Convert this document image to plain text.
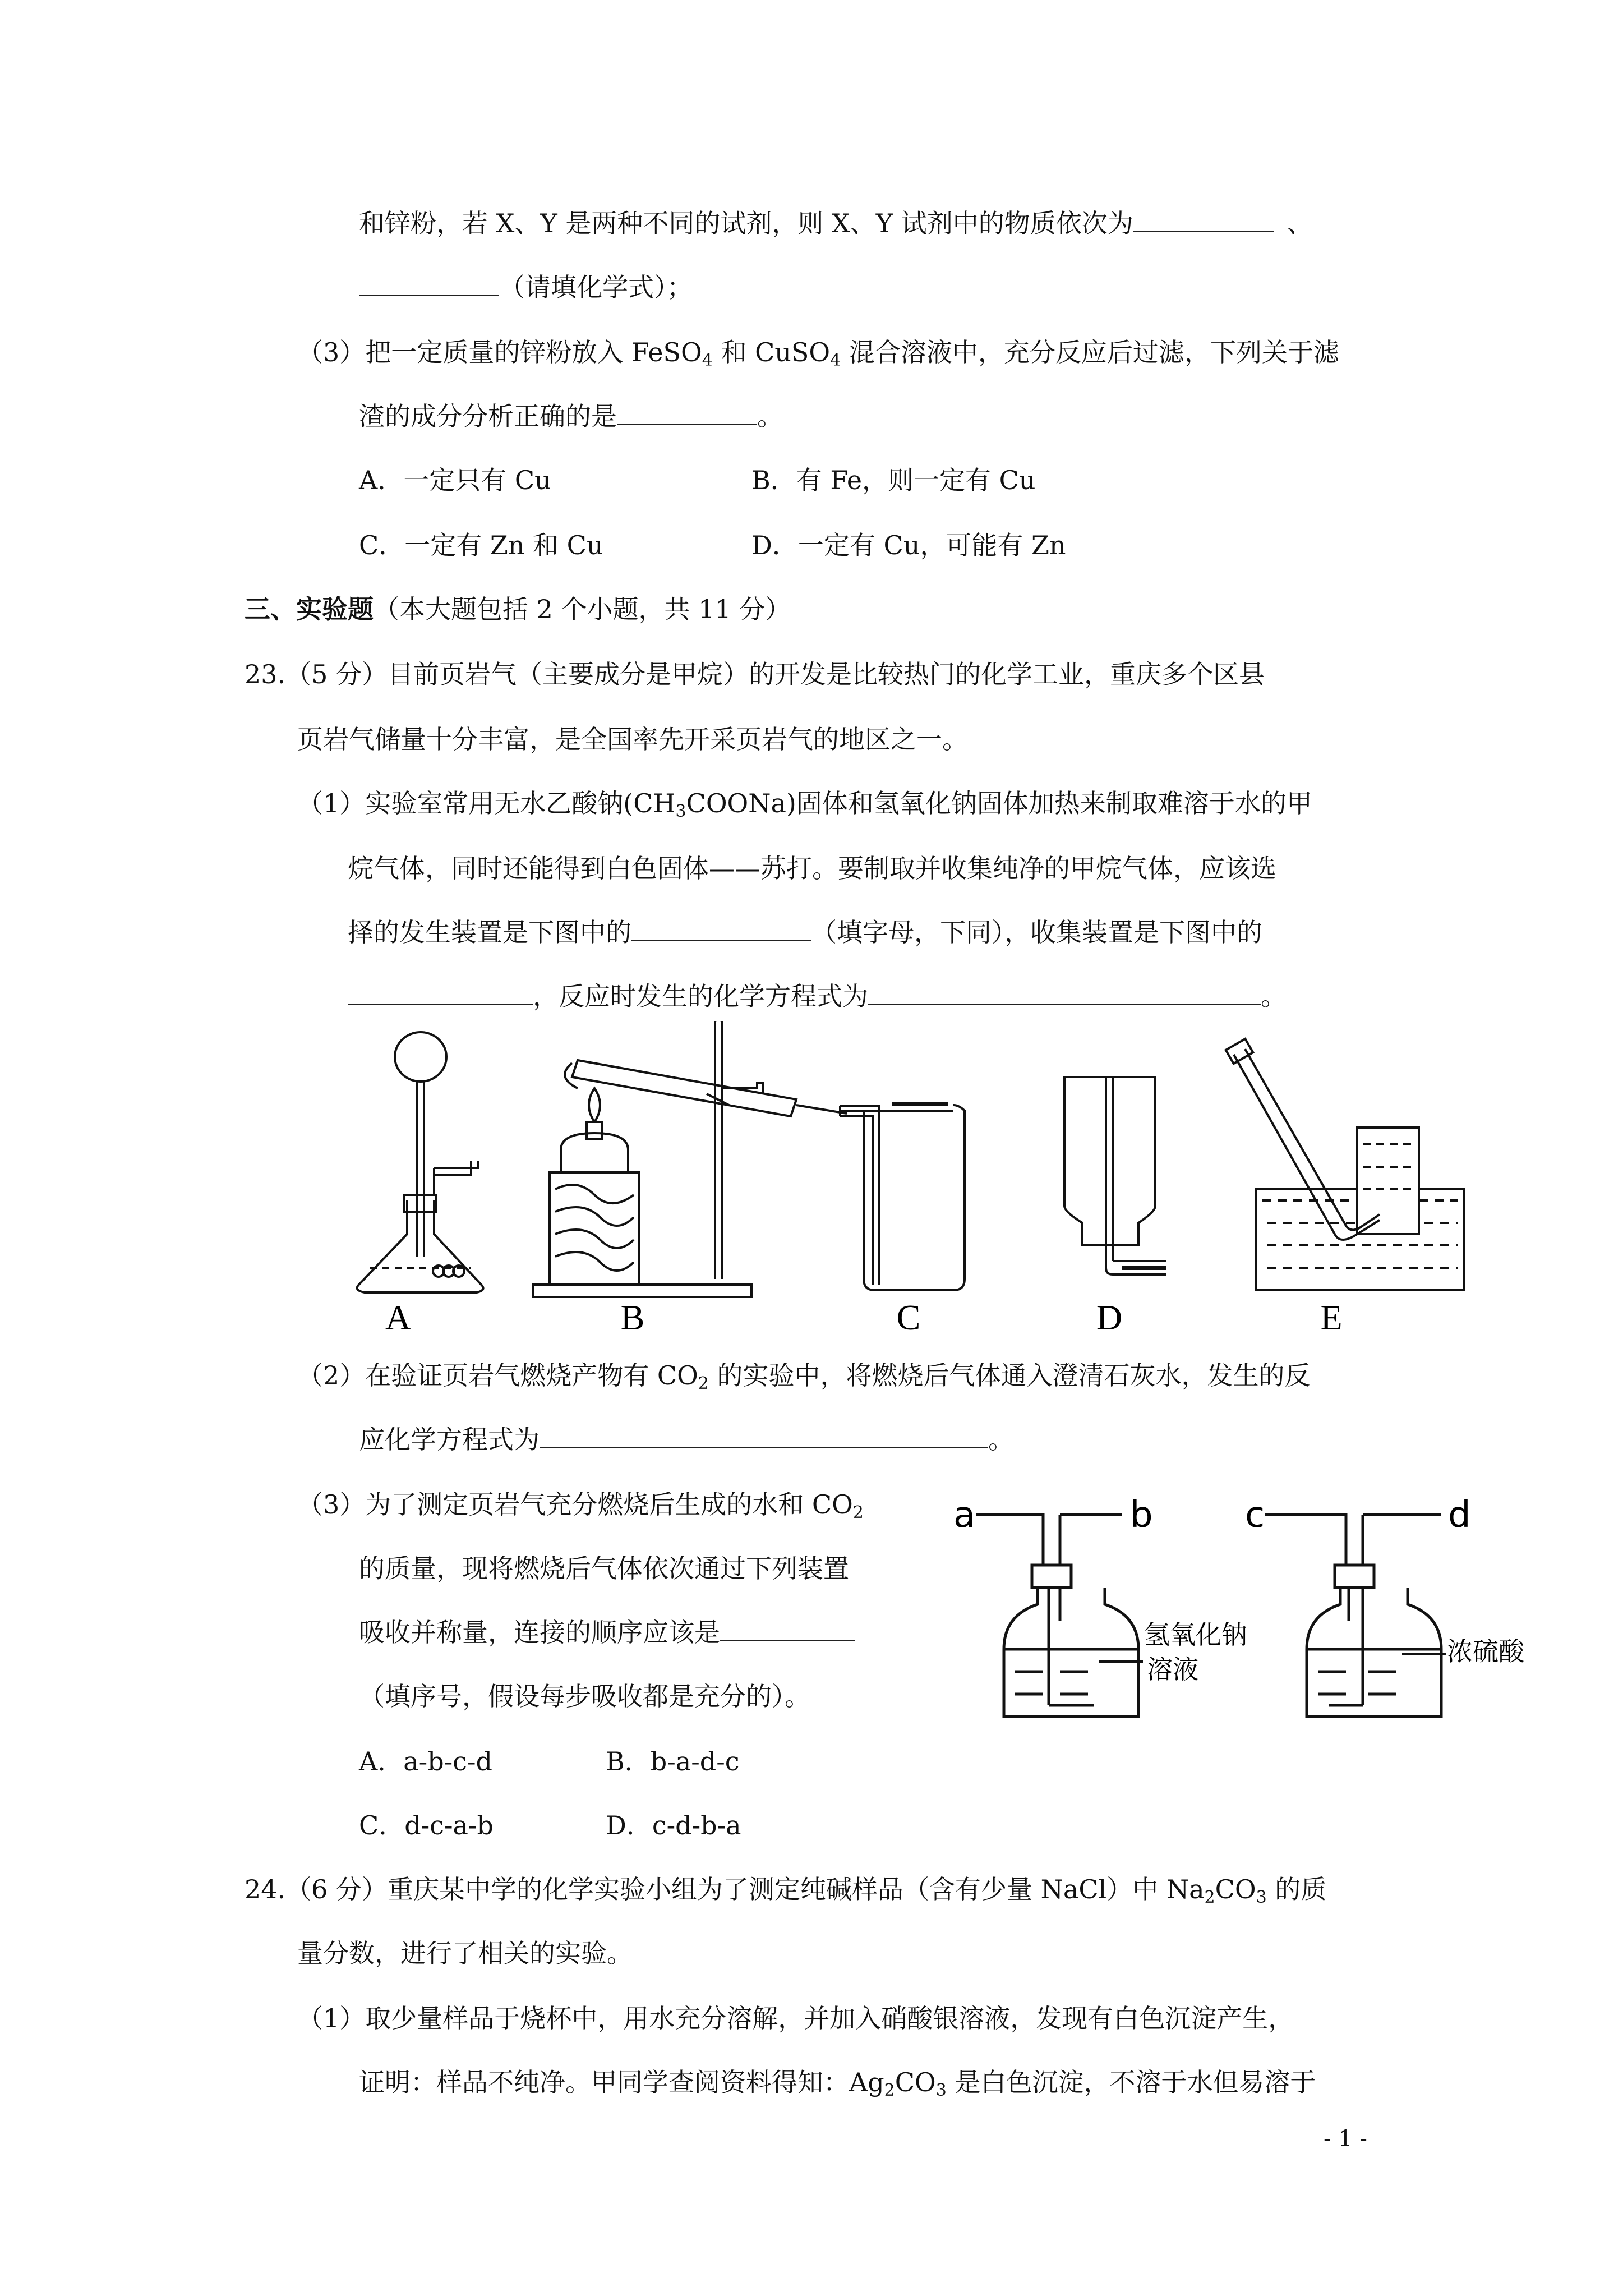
和锌粉，若 X、Y 是两种不同的试剂，则 X、Y 试剂中的物质依次为	、
（请填化学式）；
（3）把一定质量的锌粉放入 FeSO$_4$ 和 CuSO$_4$ 混合溶液中，充分反应后过滤，下列关于滤
渣的成分分析正确的是	。
A．一定只有 Cu	B．有 Fe，则一定有 Cu
C．一定有 Zn 和 Cu	D．一定有 Cu，可能有 Zn
三、实验题（本大题包括 2 个小题，共 11 分）
23.（5 分）目前页岩气（主要成分是甲烷）的开发是比较热门的化学工业，重庆多个区县
页岩气储量十分丰富，是全国率先开采页岩气的地区之一。
（1）实验室常用无水乙酸钠$(CH_3COONa)$固体和氢氧化钠固体加热来制取难溶于水的甲
烷气体，同时还能得到白色固体——苏打。要制取并收集纯净的甲烷气体，应该选
择的发生装置是下图中的	（填字母，下同），收集装置是下图中的
，反应时发生的化学方程式为	。
A	B	C	D	E
（2）在验证页岩气燃烧产物有 $CO_2$ 的实验中，将燃烧后气体通入澄清石灰水，发生的反
应化学方程式为	。
（3）为了测定页岩气充分燃烧后生成的水和 $CO_2$
的质量，现将燃烧后气体依次通过下列装置
吸收并称量，连接的顺序应该是
（填序号，假设每步吸收都是充分的）。
A．a-b-c-d	B．b-a-d-c
C．d-c-a-b	D．c-d-b-a
a	b
氢氧化钠
溶液
c	d
浓硫酸
24.（6 分）重庆某中学的化学实验小组为了测定纯碱样品（含有少量 NaCl）中 $Na_2CO_3$ 的质
量分数，进行了相关的实验。
（1）取少量样品于烧杯中，用水充分溶解，并加入硝酸银溶液，发现有白色沉淀产生，
证明：样品不纯净。甲同学查阅资料得知：$Ag_2CO_3$ 是白色沉淀，不溶于水但易溶于
- 1 -
